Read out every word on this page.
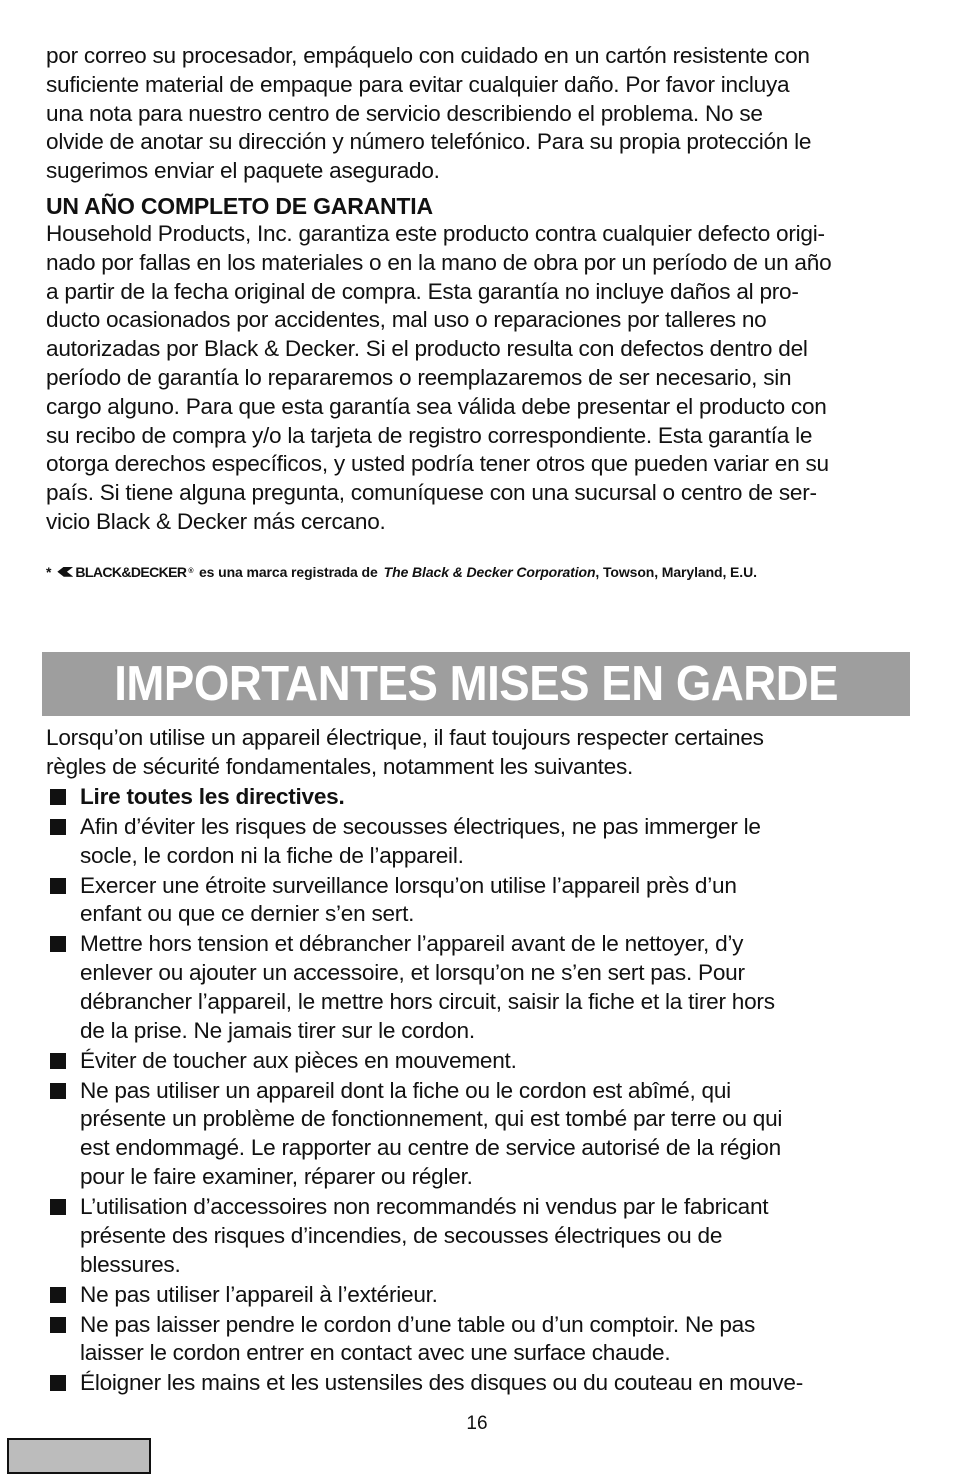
por correo su procesador, empáquelo con cuidado en un cartón resistente con
suficiente material de empaque para evitar cualquier daño. Por favor incluya
una nota para nuestro centro de servicio describiendo el problema. No se
olvide de anotar su dirección y número telefónico. Para su propia protección le
sugerimos enviar el paquete asegurado.

UN AÑO COMPLETO DE GARANTIA

Household Products, Inc. garantiza este producto contra cualquier defecto origi-
nado por fallas en los materiales o en la mano de obra por un período de un año
a partir de la fecha original de compra. Esta garantía no incluye daños al pro-
ducto ocasionados por accidentes, mal uso o reparaciones por talleres no
autorizadas por Black & Decker. Si el producto resulta con defectos dentro del
período de garantía lo repararemos o reemplazaremos de ser necesario, sin
cargo alguno. Para que esta garantía sea válida debe presentar el producto con
su recibo de compra y/o la tarjeta de registro correspondiente. Esta garantía le
otorga derechos específicos, y usted podría tener otros que pueden variar en su
país. Si tiene alguna pregunta, comuníquese con una sucursal o centro de ser-
vicio Black & Decker más cercano.

* BLACK&DECKER ® es una marca registrada de The Black & Decker Corporation, Towson, Maryland, E.U.
IMPORTANTES MISES EN GARDE

Lorsqu’on utilise un appareil électrique, il faut toujours respecter certaines
règles de sécurité fondamentales, notamment les suivantes.

Lire toutes les directives.
Afin d’éviter les risques de secousses électriques, ne pas immerger le
socle, le cordon ni la fiche de l’appareil.
Exercer une étroite surveillance lorsqu’on utilise l’appareil près d’un
enfant ou que ce dernier s’en sert.
Mettre hors tension et débrancher l’appareil avant de le nettoyer, d’y
enlever ou ajouter un accessoire, et lorsqu’on ne s’en sert pas. Pour
débrancher l’appareil, le mettre hors circuit, saisir la fiche et la tirer hors
de la prise. Ne jamais tirer sur le cordon.
Éviter de toucher aux pièces en mouvement.
Ne pas utiliser un appareil dont la fiche ou le cordon est abîmé, qui
présente un problème de fonctionnement, qui est tombé par terre ou qui
est endommagé. Le rapporter au centre de service autorisé de la région
pour le faire examiner, réparer ou régler.
L’utilisation d’accessoires non recommandés ni vendus par le fabricant
présente des risques d’incendies, de secousses électriques ou de
blessures.
Ne pas utiliser l’appareil à l’extérieur.
Ne pas laisser pendre le cordon d’une table ou d’un comptoir. Ne pas
laisser le cordon entrer en contact avec une surface chaude.
Éloigner les mains et les ustensiles des disques ou du couteau en mouve-
16
